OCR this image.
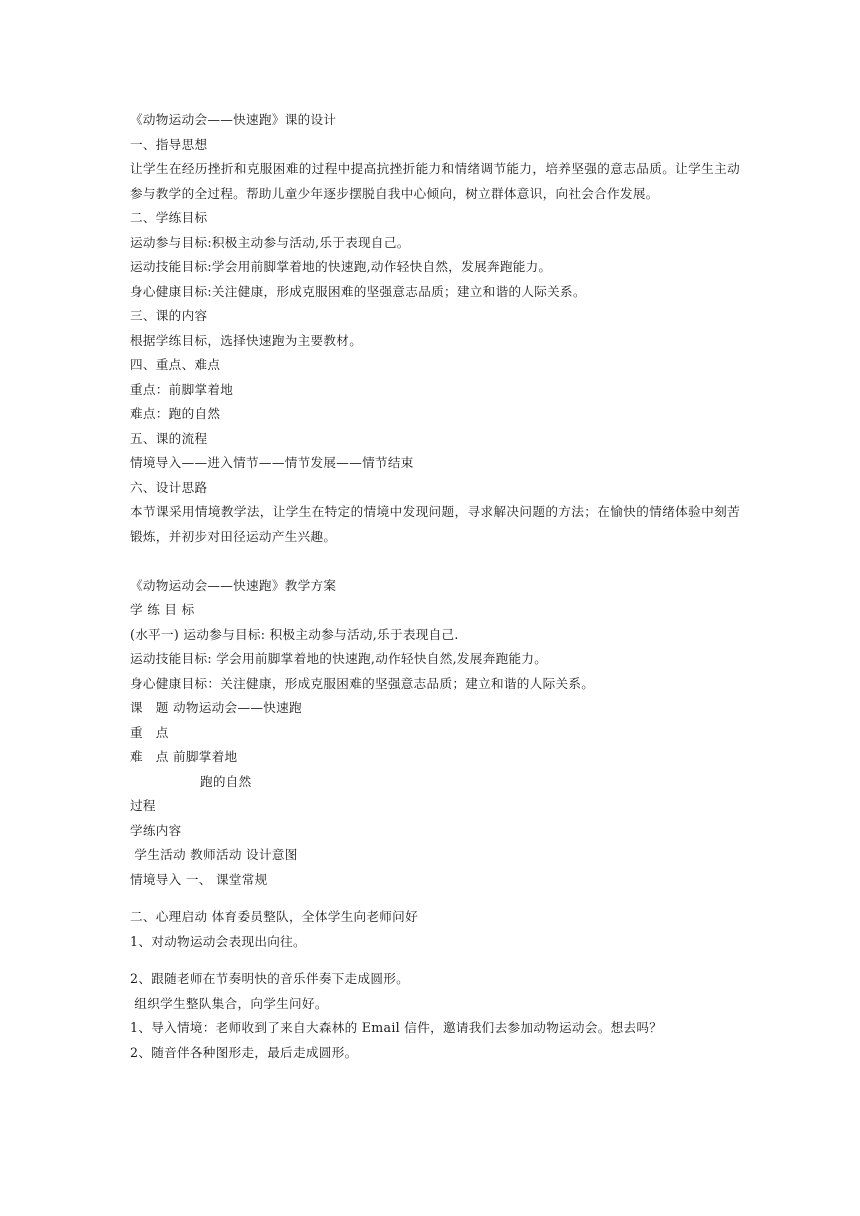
《动物运动会——快速跑》课的设计
一、指导思想
让学生在经历挫折和克服困难的过程中提高抗挫折能力和情绪调节能力，培养坚强的意志品质。让学生主动参与教学的全过程。帮助儿童少年逐步摆脱自我中心倾向，树立群体意识，向社会合作发展。
二、学练目标
运动参与目标:积极主动参与活动,乐于表现自己。
运动技能目标:学会用前脚掌着地的快速跑,动作轻快自然，发展奔跑能力。
身心健康目标:关注健康，形成克服困难的坚强意志品质；建立和谐的人际关系。
三、课的内容
根据学练目标，选择快速跑为主要教材。
四、重点、难点
重点：前脚掌着地
难点：跑的自然
五、课的流程
情境导入——进入情节——情节发展——情节结束
六、设计思路
本节课采用情境教学法，让学生在特定的情境中发现问题，寻求解决问题的方法；在愉快的情绪体验中刻苦锻炼，并初步对田径运动产生兴趣。
《动物运动会——快速跑》教学方案
学 练 目 标
(水平一) 运动参与目标: 积极主动参与活动,乐于表现自己.
运动技能目标: 学会用前脚掌着地的快速跑,动作轻快自然,发展奔跑能力。
身心健康目标：关注健康，形成克服困难的坚强意志品质；建立和谐的人际关系。
课　题 动物运动会——快速跑
重　点
难　点 前脚掌着地
跑的自然
过程
学练内容
学生活动 教师活动 设计意图
情境导入 一、 课堂常规
二、心理启动 体育委员整队，全体学生向老师问好
1、对动物运动会表现出向往。
2、跟随老师在节奏明快的音乐伴奏下走成圆形。
组织学生整队集合，向学生问好。
1、导入情境：老师收到了来自大森林的 Email 信件，邀请我们去参加动物运动会。想去吗？
2、随音伴各种图形走，最后走成圆形。
